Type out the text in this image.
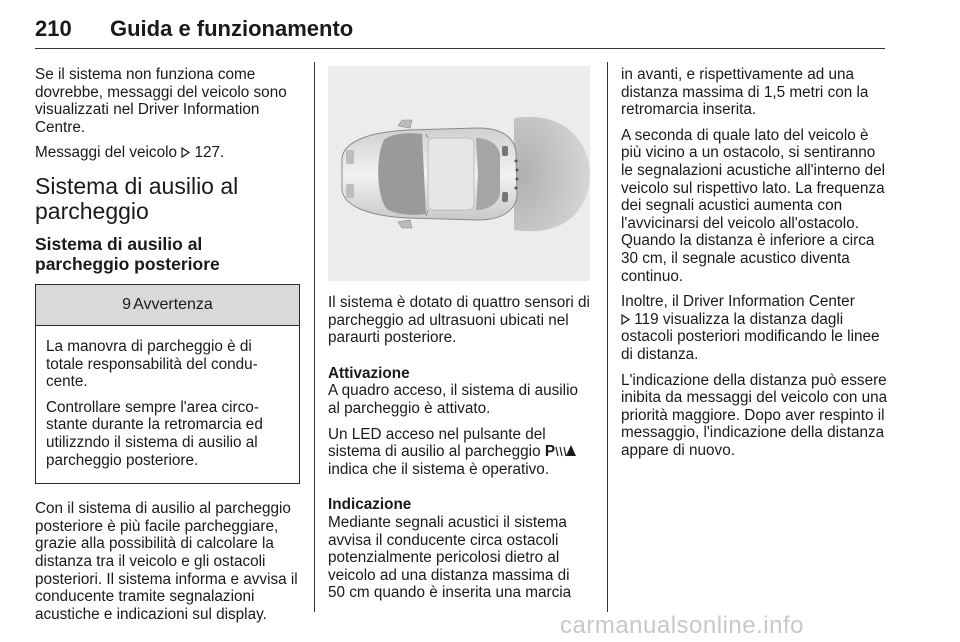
210 Guida e funzionamento

Se il sistema non funziona come dovrebbe, messaggi del veicolo sono visualizzati nel Driver Information Centre.

Messaggi del veicolo  127.

Sistema di ausilio al parcheggio
Sistema di ausilio al parcheggio posteriore
9 Avvertenza

La manovra di parcheggio è di totale responsabilità del conducente.

Controllare sempre l'area circostante durante la retromarcia ed utilizzndo il sistema di ausilio al parcheggio posteriore.

Con il sistema di ausilio al parcheggio posteriore è più facile parcheggiare, grazie alla possibilità di calcolare la distanza tra il veicolo e gli ostacoli posteriori. Il sistema informa e avvisa il conducente tramite segnalazioni acustiche e indicazioni sul display.

Il sistema è dotato di quattro sensori di parcheggio ad ultrasuoni ubicati nel paraurti posteriore.

Attivazione

A quadro acceso, il sistema di ausilio al parcheggio è attivato.

Un LED acceso nel pulsante del sistema di ausilio al parcheggio P indica che il sistema è operativo.

Indicazione

Mediante segnali acustici il sistema avvisa il conducente circa ostacoli potenzialmente pericolosi dietro al veicolo ad una distanza massima di 50 cm quando è inserita una marcia

in avanti, e rispettivamente ad una distanza massima di 1,5 metri con la retromarcia inserita.

A seconda di quale lato del veicolo è più vicino a un ostacolo, si sentiranno le segnalazioni acustiche all'interno del veicolo sul rispettivo lato. La frequenza dei segnali acustici aumenta con l'avvicinarsi del veicolo all'ostacolo. Quando la distanza è inferiore a circa 30 cm, il segnale acustico diventa continuo.

Inoltre, il Driver Information Center
119 visualizza la distanza dagli ostacoli posteriori modificando le linee di distanza.

L'indicazione della distanza può essere inibita da messaggi del veicolo con una priorità maggiore. Dopo aver respinto il messaggio, l'indicazione della distanza appare di nuovo.

carmanualsonline.info
